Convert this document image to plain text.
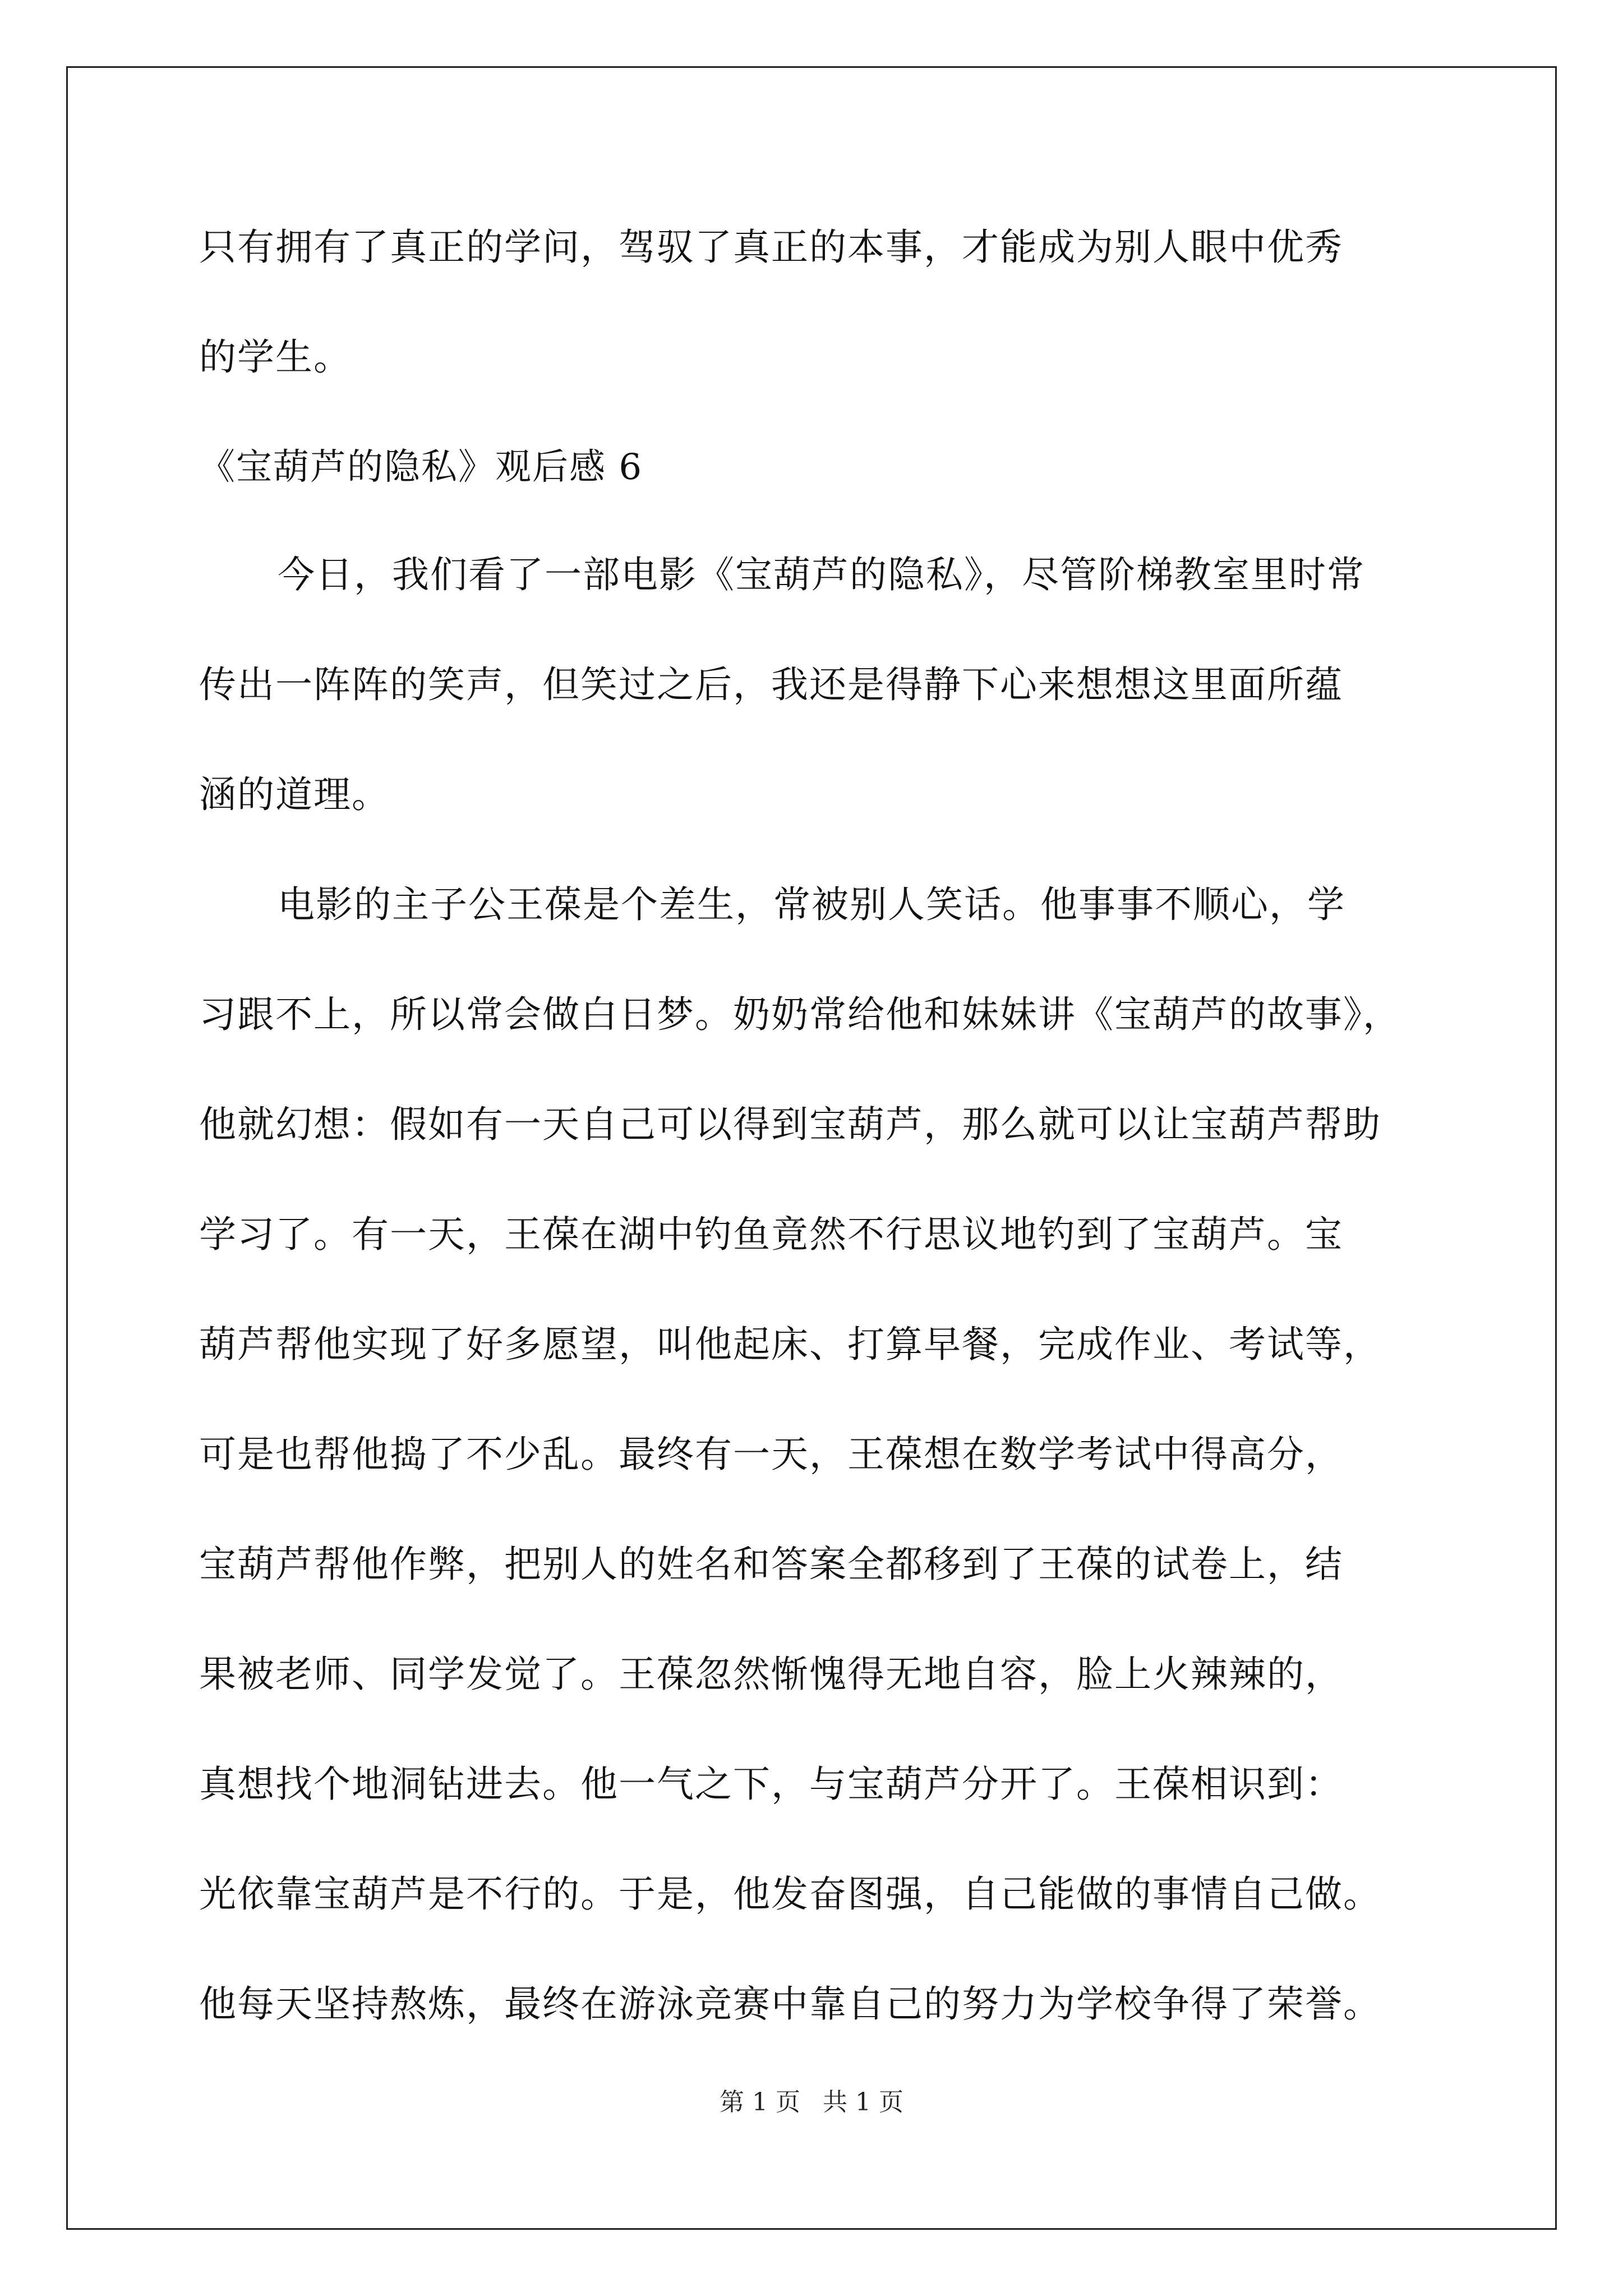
只有拥有了真正的学问，驾驭了真正的本事，才能成为别人眼中优秀
的学生。
《宝葫芦的隐私》观后感 6
今日，我们看了一部电影《宝葫芦的隐私》，尽管阶梯教室里时常
传出一阵阵的笑声，但笑过之后，我还是得静下心来想想这里面所蕴
涵的道理。
电影的主子公王葆是个差生，常被别人笑话。他事事不顺心，学
习跟不上，所以常会做白日梦。奶奶常给他和妹妹讲《宝葫芦的故事》，
他就幻想：假如有一天自己可以得到宝葫芦，那么就可以让宝葫芦帮助
学习了。有一天，王葆在湖中钓鱼竟然不行思议地钓到了宝葫芦。宝
葫芦帮他实现了好多愿望，叫他起床、打算早餐，完成作业、考试等，
可是也帮他捣了不少乱。最终有一天，王葆想在数学考试中得高分，
宝葫芦帮他作弊，把别人的姓名和答案全都移到了王葆的试卷上，结
果被老师、同学发觉了。王葆忽然惭愧得无地自容，脸上火辣辣的，
真想找个地洞钻进去。他一气之下，与宝葫芦分开了。王葆相识到：
光依靠宝葫芦是不行的。于是，他发奋图强，自己能做的事情自己做。
他每天坚持熬炼，最终在游泳竞赛中靠自己的努力为学校争得了荣誉。
第 1 页 共 1 页
